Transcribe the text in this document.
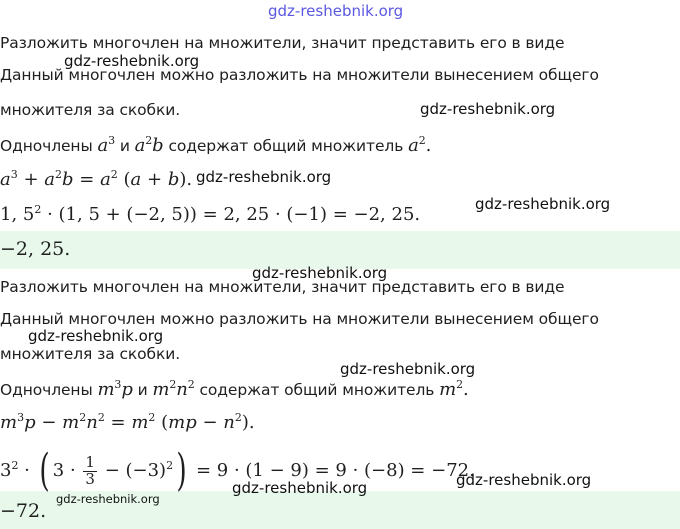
gdz-reshebnik.org
Разложить многочлен на множители, значит представить его в виде
gdz-reshebnik.org
Данный многочлен можно разложить на множители вынесением общего
множителя за скобки.	gdz-reshebnik.org
Одночлены $a^3$ и $a^2b$ содержат общий множитель $a^2$.
$a^3 + a^2b = a^2$ (a + b). gdz-reshebnik.org
1, $5^2 \cdot (1$, 5 + (−2, 5)) = 2, 25 · (−1) = −2, 25.	gdz-reshebnik.org
−2, 25.
gdz-reshebnik.org
Разложить многочлен на множители, значит представить его в виде
Данный многочлен можно разложить на множители вынесением общего
gdz-reshebnik.org
множителя за скобки.
gdz-reshebnik.org
Одночлены $m^3p$ и $m^2n^2$ содержат общий множитель $m^2$.
$m^3p - m^2n^2 = m^2$ $(mp - n^2)$.
$3^2$ · ( $3 \cdot \frac{1}{3} - (-3)^2) = 9 \cdot (1 - 9) = 9 \cdot (-8) = -72$.
gdz-reshebnik.org
gdz-reshebnik.org
gdz-reshebnik.org
−72.
